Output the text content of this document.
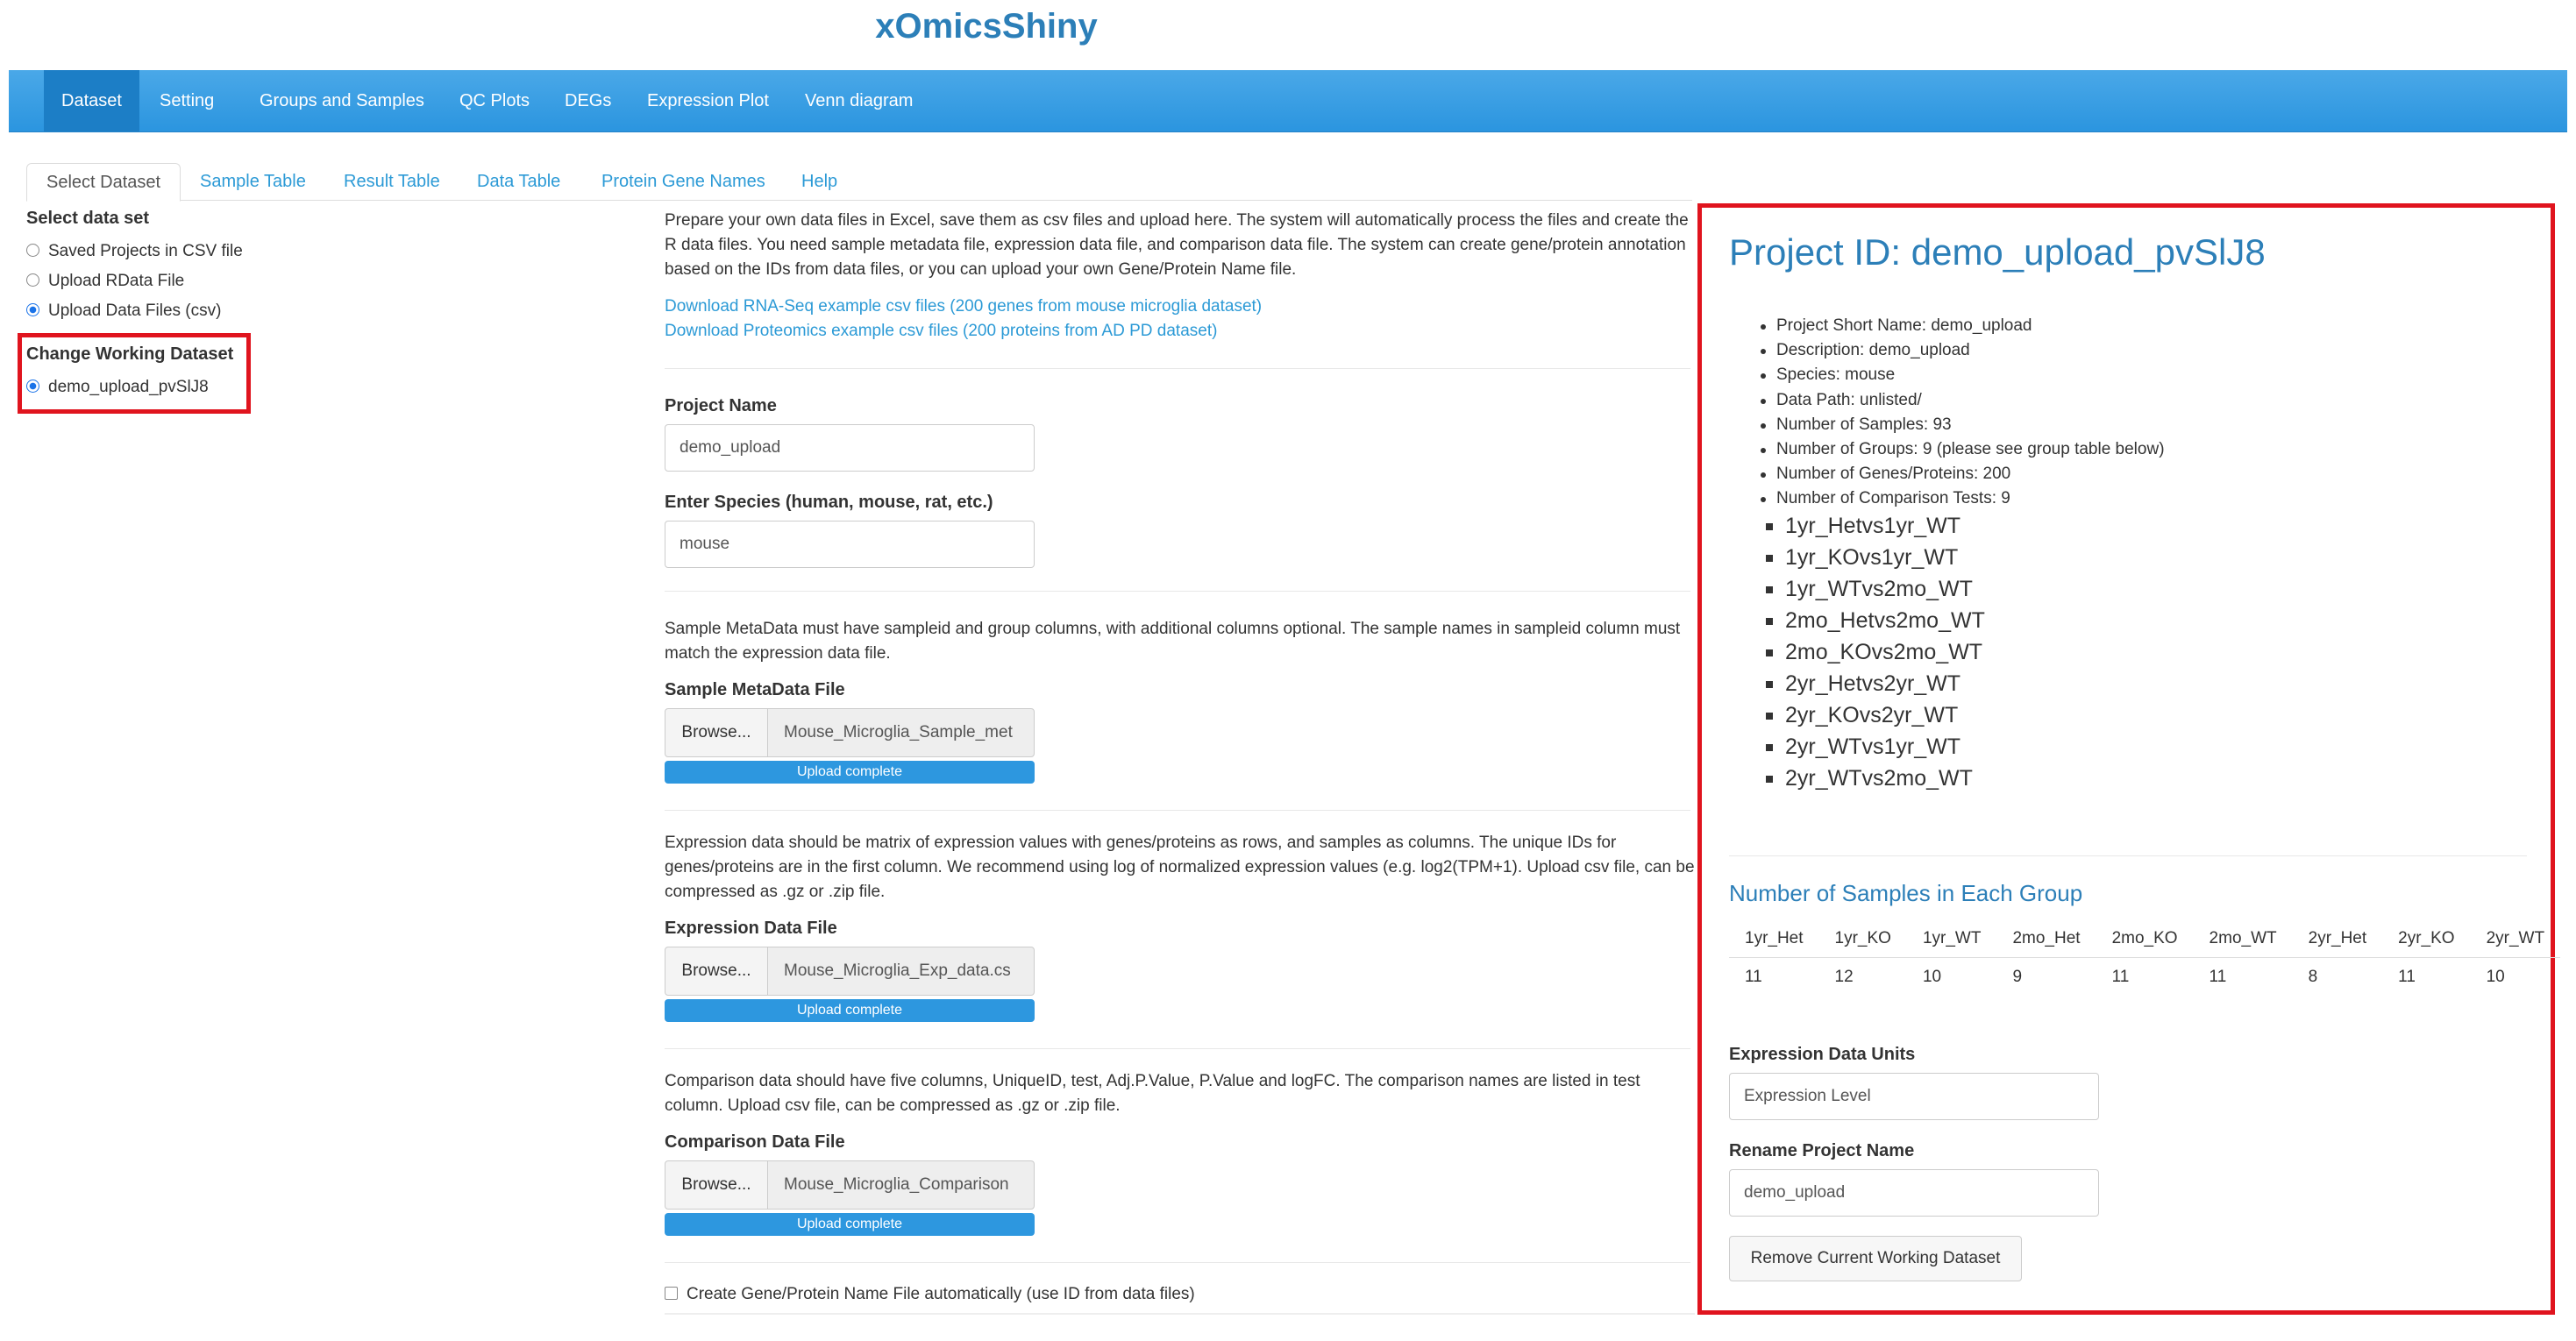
xOmicsShiny
Dataset	Setting	Groups and Samples	QC Plots	DEGs	Expression Plot	Venn diagram
Select Dataset	Sample Table	Result Table	Data Table	Protein Gene Names	Help
Select data set
Saved Projects in CSV file
Upload RData File
Upload Data Files (csv)
Change Working Dataset
demo_upload_pvSlJ8
Prepare your own data files in Excel, save them as csv files and upload here. The system will automatically process the files and create the R data files. You need sample metadata file, expression data file, and comparison data file. The system can create gene/protein annotation based on the IDs from data files, or you can upload your own Gene/Protein Name file.
Download RNA-Seq example csv files (200 genes from mouse microglia dataset)
Download Proteomics example csv files (200 proteins from AD PD dataset)
Project Name
demo_upload
Enter Species (human, mouse, rat, etc.)
mouse
Sample MetaData must have sampleid and group columns, with additional columns optional. The sample names in sampleid column must match the expression data file.
Sample MetaData File
Browse...	Mouse_Microglia_Sample_met
Upload complete
Expression data should be matrix of expression values with genes/proteins as rows, and samples as columns. The unique IDs for genes/proteins are in the first column. We recommend using log of normalized expression values (e.g. log2(TPM+1). Upload csv file, can be compressed as .gz or .zip file.
Expression Data File
Browse...	Mouse_Microglia_Exp_data.cs
Upload complete
Comparison data should have five columns, UniqueID, test, Adj.P.Value, P.Value and logFC. The comparison names are listed in test column. Upload csv file, can be compressed as .gz or .zip file.
Comparison Data File
Browse...	Mouse_Microglia_Comparison
Upload complete
Create Gene/Protein Name File automatically (use ID from data files)
Project ID: demo_upload_pvSlJ8
Project Short Name: demo_upload
Description: demo_upload
Species: mouse
Data Path: unlisted/
Number of Samples: 93
Number of Groups: 9 (please see group table below)
Number of Genes/Proteins: 200
Number of Comparison Tests: 9
1yr_Hetvs1yr_WT
1yr_KOvs1yr_WT
1yr_WTvs2mo_WT
2mo_Hetvs2mo_WT
2mo_KOvs2mo_WT
2yr_Hetvs2yr_WT
2yr_KOvs2yr_WT
2yr_WTvs1yr_WT
2yr_WTvs2mo_WT
Number of Samples in Each Group
1yr_Het	1yr_KO	1yr_WT	2mo_Het	2mo_KO	2mo_WT	2yr_Het	2yr_KO	2yr_WT
11	12	10	9	11	11	8	11	10
Expression Data Units
Expression Level
Rename Project Name
demo_upload
Remove Current Working Dataset
